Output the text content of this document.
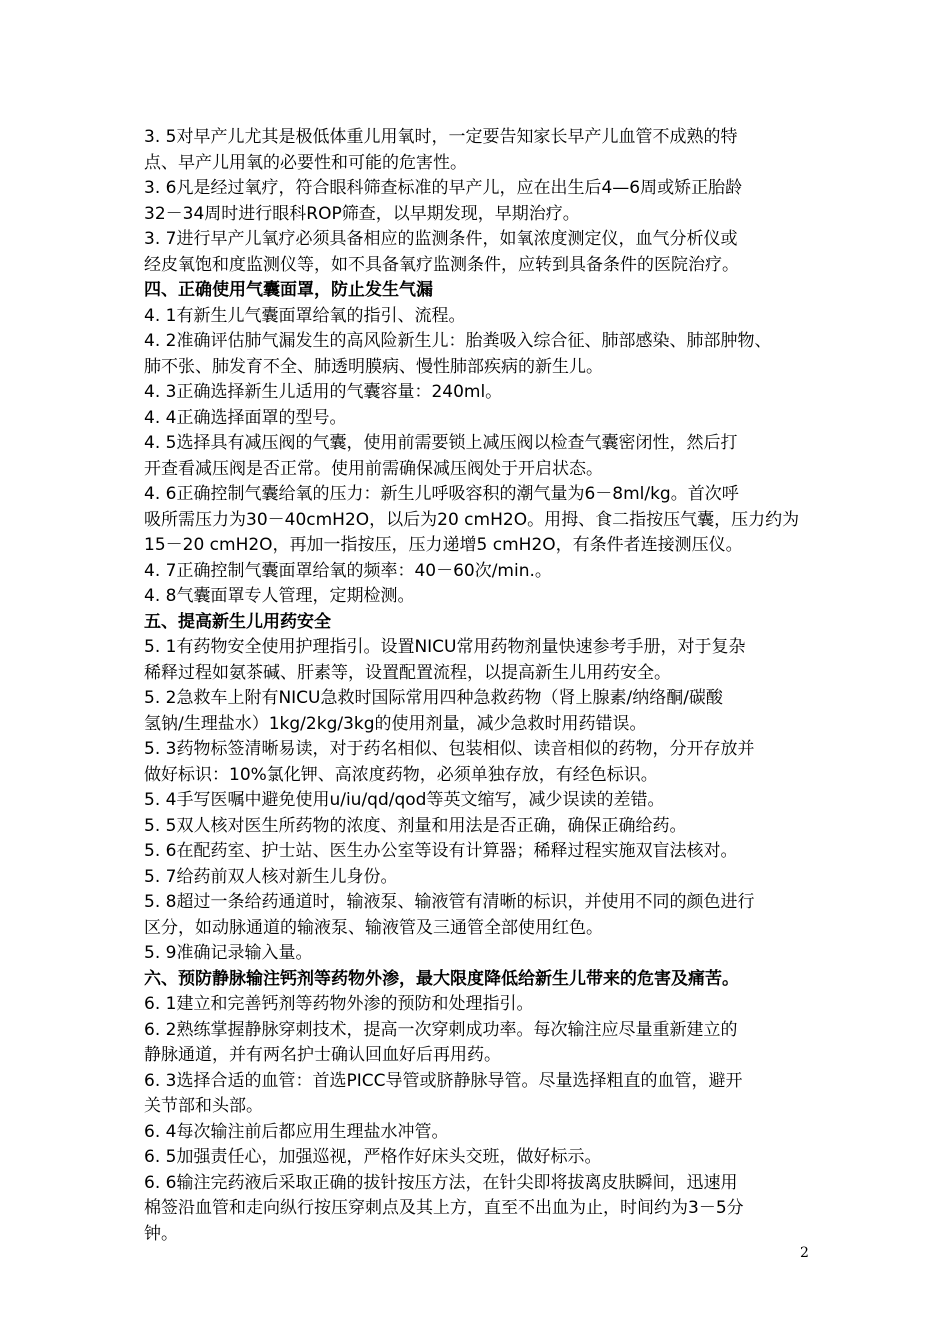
3. 5对早产儿尤其是极低体重儿用氧时，一定要告知家长早产儿血管不成熟的特
点、早产儿用氧的必要性和可能的危害性。
3. 6凡是经过氧疗，符合眼科筛查标准的早产儿，应在出生后4—6周或矫正胎龄
32－34周时进行眼科ROP筛查，以早期发现，早期治疗。
3. 7进行早产儿氧疗必须具备相应的监测条件，如氧浓度测定仪，血气分析仪或
经皮氧饱和度监测仪等，如不具备氧疗监测条件，应转到具备条件的医院治疗。
四、正确使用气囊面罩，防止发生气漏
4. 1有新生儿气囊面罩给氧的指引、流程。
4. 2准确评估肺气漏发生的高风险新生儿：胎粪吸入综合征、肺部感染、肺部肿物、
肺不张、肺发育不全、肺透明膜病、慢性肺部疾病的新生儿。
4. 3正确选择新生儿适用的气囊容量：240ml。
4. 4正确选择面罩的型号。
4. 5选择具有减压阀的气囊，使用前需要锁上减压阀以检查气囊密闭性，然后打
开查看减压阀是否正常。使用前需确保减压阀处于开启状态。
4. 6正确控制气囊给氧的压力：新生儿呼吸容积的潮气量为6－8ml/kg。首次呼
吸所需压力为30－40cmH2O，以后为20 cmH2O。用拇、食二指按压气囊，压力约为
15－20 cmH2O，再加一指按压，压力递增5 cmH2O，有条件者连接测压仪。
4. 7正确控制气囊面罩给氧的频率：40－60次/min.。
4. 8气囊面罩专人管理，定期检测。
五、提高新生儿用药安全
5. 1有药物安全使用护理指引。设置NICU常用药物剂量快速参考手册，对于复杂
稀释过程如氨茶碱、肝素等，设置配置流程，以提高新生儿用药安全。
5. 2急救车上附有NICU急救时国际常用四种急救药物（肾上腺素/纳络酮/碳酸
氢钠/生理盐水）1kg/2kg/3kg的使用剂量，减少急救时用药错误。
5. 3药物标签清晰易读，对于药名相似、包装相似、读音相似的药物，分开存放并
做好标识：10%氯化钾、高浓度药物，必须单独存放，有经色标识。
5. 4手写医嘱中避免使用u/iu/qd/qod等英文缩写，减少误读的差错。
5. 5双人核对医生所药物的浓度、剂量和用法是否正确，确保正确给药。
5. 6在配药室、护士站、医生办公室等设有计算器；稀释过程实施双盲法核对。
5. 7给药前双人核对新生儿身份。
5. 8超过一条给药通道时，输液泵、输液管有清晰的标识，并使用不同的颜色进行
区分，如动脉通道的输液泵、输液管及三通管全部使用红色。
5. 9准确记录输入量。
六、预防静脉输注钙剂等药物外渗，最大限度降低给新生儿带来的危害及痛苦。
6. 1建立和完善钙剂等药物外渗的预防和处理指引。
6. 2熟练掌握静脉穿刺技术，提高一次穿刺成功率。每次输注应尽量重新建立的
静脉通道，并有两名护士确认回血好后再用药。
6. 3选择合适的血管：首选PICC导管或脐静脉导管。尽量选择粗直的血管，避开
关节部和头部。
6. 4每次输注前后都应用生理盐水冲管。
6. 5加强责任心，加强巡视，严格作好床头交班，做好标示。
6. 6输注完药液后采取正确的拔针按压方法，在针尖即将拔离皮肤瞬间，迅速用
棉签沿血管和走向纵行按压穿刺点及其上方，直至不出血为止，时间约为3－5分
钟。
2
